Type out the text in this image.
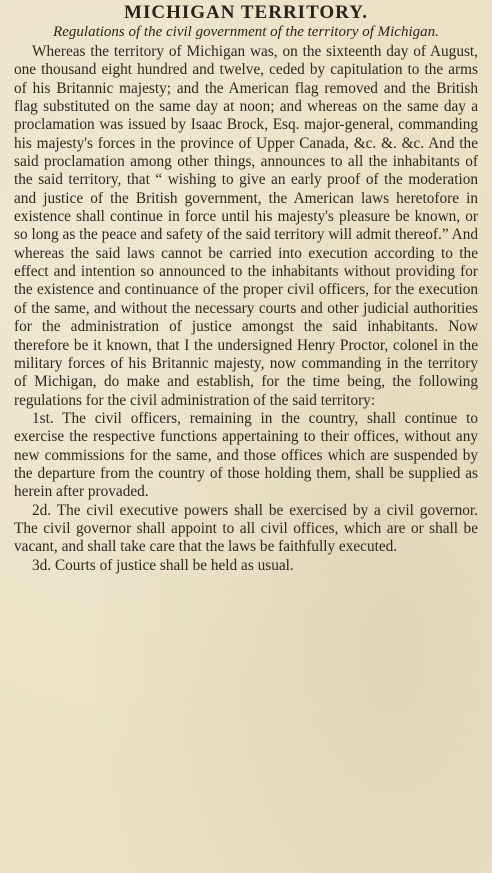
MICHIGAN TERRITORY.

Regulations of the civil government of the territory of Michigan.

Whereas the territory of Michigan was, on the sixteenth day of August, one thousand eight hundred and twelve, ceded by capitulation to the arms of his Britannic majesty; and the American flag removed and the British flag substituted on the same day at noon; and whereas on the same day a proclamation was issued by Isaac Brock, Esq. major-general, commanding his majesty's forces in the province of Upper Canada, &c. &. &c. And the said proclamation among other things, announces to all the inhabitants of the said territory, that “ wishing to give an early proof of the moderation and justice of the British government, the American laws heretofore in existence shall continue in force until his majesty's pleasure be known, or so long as the peace and safety of the said territory will admit thereof.” And whereas the said laws cannot be carried into execution according to the effect and intention so announced to the inhabitants without providing for the existence and continuance of the proper civil officers, for the execution of the same, and without the necessary courts and other judicial authorities for the administration of justice amongst the said inhabitants. Now therefore be it known, that I the undersigned Henry Proctor, colonel in the military forces of his Britannic majesty, now commanding in the territory of Michigan, do make and establish, for the time being, the following regulations for the civil administration of the said territory:

1st. The civil officers, remaining in the country, shall continue to exercise the respective functions appertaining to their offices, without any new commissions for the same, and those offices which are suspended by the departure from the country of those holding them, shall be supplied as herein after provaded.

2d. The civil executive powers shall be exercised by a civil governor. The civil governor shall appoint to all civil offices, which are or shall be vacant, and shall take care that the laws be faithfully executed.

3d. Courts of justice shall be held as usual.
